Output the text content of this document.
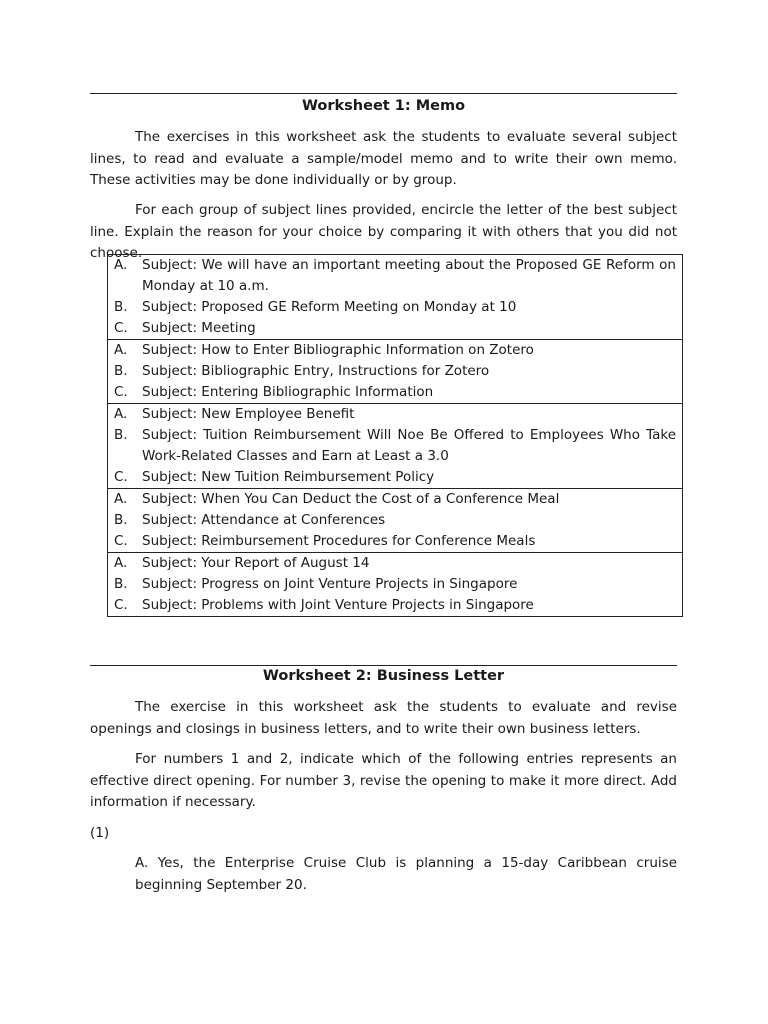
Worksheet 1: Memo

The exercises in this worksheet ask the students to evaluate several subject lines, to read and evaluate a sample/model memo and to write their own memo. These activities may be done individually or by group.

For each group of subject lines provided, encircle the letter of the best subject line. Explain the reason for your choice by comparing it with others that you did not choose.

A.	Subject: We will have an important meeting about the Proposed GE Reform on Monday at 10 a.m.
B.	Subject: Proposed GE Reform Meeting on Monday at 10
C.	Subject: Meeting
A.	Subject: How to Enter Bibliographic Information on Zotero
B.	Subject: Bibliographic Entry, Instructions for Zotero
C.	Subject: Entering Bibliographic Information
A.	Subject: New Employee Benefit
B.	Subject: Tuition Reimbursement Will Noe Be Offered to Employees Who Take Work-Related Classes and Earn at Least a 3.0
C.	Subject: New Tuition Reimbursement Policy
A.	Subject: When You Can Deduct the Cost of a Conference Meal
B.	Subject: Attendance at Conferences
C.	Subject: Reimbursement Procedures for Conference Meals
A.	Subject: Your Report of August 14
B.	Subject: Progress on Joint Venture Projects in Singapore
C.	Subject: Problems with Joint Venture Projects in Singapore
Worksheet 2: Business Letter

The exercise in this worksheet ask the students to evaluate and revise openings and closings in business letters, and to write their own business letters.

For numbers 1 and 2, indicate which of the following entries represents an effective direct opening. For number 3, revise the opening to make it more direct. Add information if necessary.

(1)

A. Yes, the Enterprise Cruise Club is planning a 15-day Caribbean cruise beginning September 20.
